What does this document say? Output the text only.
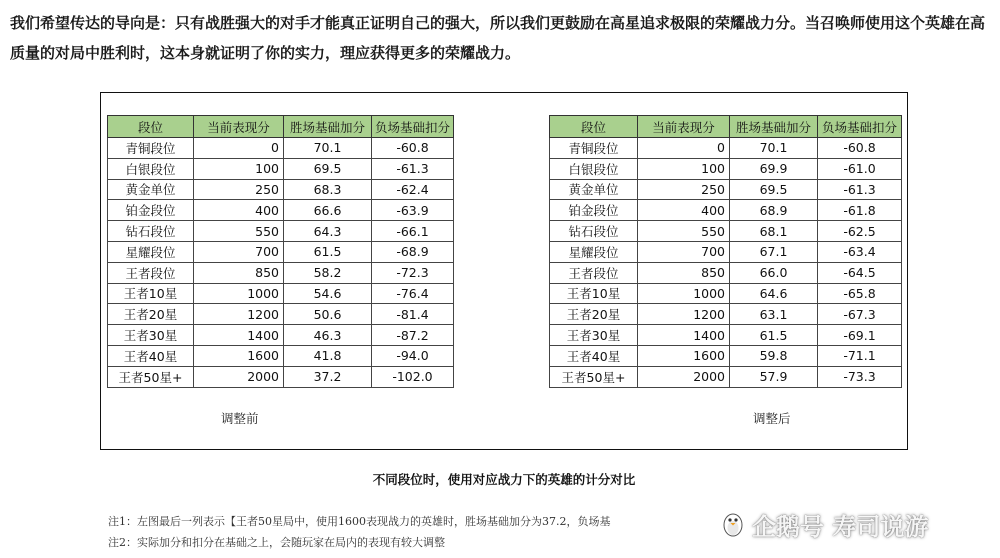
我们希望传达的导向是：只有战胜强大的对手才能真正证明自己的强大，所以我们更鼓励在高星追求极限的荣耀战力分。当召唤师使用这个英雄在高质量的对局中胜利时，这本身就证明了你的实力，理应获得更多的荣耀战力。
段位	当前表现分	胜场基础加分	负场基础扣分
青铜段位	0	70.1	-60.8
白银段位	100	69.5	-61.3
黄金单位	250	68.3	-62.4
铂金段位	400	66.6	-63.9
钻石段位	550	64.3	-66.1
星耀段位	700	61.5	-68.9
王者段位	850	58.2	-72.3
王者10星	1000	54.6	-76.4
王者20星	1200	50.6	-81.4
王者30星	1400	46.3	-87.2
王者40星	1600	41.8	-94.0
王者50星+	2000	37.2	-102.0
调整前
段位	当前表现分	胜场基础加分	负场基础扣分
青铜段位	0	70.1	-60.8
白银段位	100	69.9	-61.0
黄金单位	250	69.5	-61.3
铂金段位	400	68.9	-61.8
钻石段位	550	68.1	-62.5
星耀段位	700	67.1	-63.4
王者段位	850	66.0	-64.5
王者10星	1000	64.6	-65.8
王者20星	1200	63.1	-67.3
王者30星	1400	61.5	-69.1
王者40星	1600	59.8	-71.1
王者50星+	2000	57.9	-73.3
调整后
不同段位时，使用对应战力下的英雄的计分对比
注1：左图最后一列表示【王者50星局中，使用1600表现战力的英雄时，胜场基础加分为37.2，负场基
注2：实际加分和扣分在基础之上，会随玩家在局内的表现有较大调整
企鹅号 寿司说游
